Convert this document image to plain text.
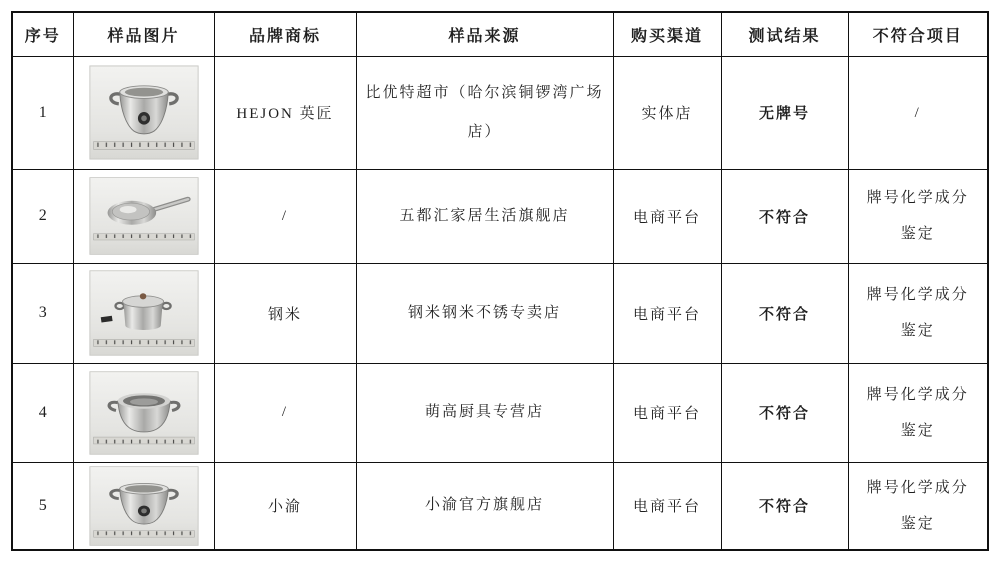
序号	样品图片	品牌商标	样品来源	购买渠道	测试结果	不符合项目
1		HEJON 英匠	比优特超市（哈尔滨铜锣湾广场店）	实体店	无牌号	/
2		/	五都汇家居生活旗舰店	电商平台	不符合	牌号化学成分鉴定
3		钢米	钢米钢米不锈专卖店	电商平台	不符合	牌号化学成分鉴定
4		/	萌高厨具专营店	电商平台	不符合	牌号化学成分鉴定
5		小渝	小渝官方旗舰店	电商平台	不符合	牌号化学成分鉴定
